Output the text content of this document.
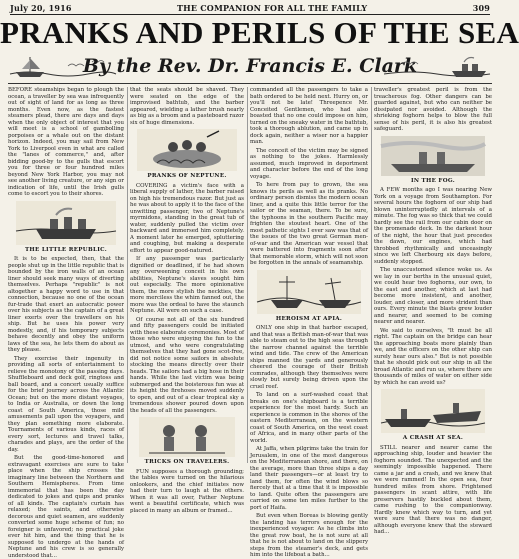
July 20, 1916	THE COMPANION FOR ALL THE FAMILY	309
PRANKS AND PERILS OF THE SEA
By the Rev. Dr. Francis E. Clark

BEFORE steamships began to plough the ocean, a traveller by sea was infrequently out of sight of land for as long as three months. Even now, as the fastest steamers plead, there are days and days when the only object of interest that you will meet is a school of gambolling porpoises or a whale out on the distant horizon. Indeed, you may sail from New York to Liverpool even in what are called the "lanes of commerce," and, after bidding good-by to the gulls that escort you for three or four hundred miles beyond New York Harbor, you may not see another living creature, or any sign or indication of life, until the Irish gulls come to escort you to their shores.

THE LITTLE REPUBLIC.

It is to be expected, then, that the people shut up in the little republic that is bounded by the iron walls of an ocean liner should seek many ways of diverting themselves. Perhaps "republic" is not altogether a happy word to use in that connection, because no one of the ocean fur-trade that exert an autocratic power over his subjects as the captain of a great liner exerts over the travellers on his ship. But he uses his power very modestly, and, if his temporary subjects behave decently and obey the uniform laws of the sea, he lets them do about as they please.

They exercise their ingenuity in providing all sorts of entertainment to relieve the monotony of the passing days. Shuffleboard and deck golf, ringtoss and ball board, and a concert usually suffice for the brief journey across the Atlantic Ocean; but on the more distant voyages, to India or Australia, or down the long coast of South America, those mild amusements pall upon the voyagers, and they plan something more elaborate. Tournaments of various kinds, races of every sort, lectures and travel talks, charades and plays, are the order of the day.

But the good-time-honored and extravagant exercises are sure to take place when the ship crosses the imaginary line between the Northern and Southern Hemispheres. From time immemorial that has been the day dedicated to jokes and quips and pranks of all kinds. The captain's curtain has relaxed; the saints, and otherwise decorous and quiet seamen, are suddenly converted some huge scheme of fun; no foreigner is unfavored; no practical joke ever hit him, and the thing that he is supposed to undergo at the hands of Neptune and his crew is so generally understood that...

that the seats should be shaved. They were seated on the edge of the improvised bathtub, and the barber appeared, wielding a lather brush nearly as big as a broom and a pasteboard razor six of huge dimensions.

PRANKS OF NEPTUNE.

COVERING a victim's face with a liberal supply of lather, the barber raised on high his tremendous razor. But just as he was about to apply it to the face of the unwitting passenger, two of Neptune's myrmidons, standing in the great tub of water, suddenly pulled the victim over backward and immersed him completely. A moment later he emerged, spluttering and coughing, but making a desperate effort to appear good-natured.

If any passenger was particularly dignified or deadlined, if he had shown any overweening conceit in his own abilities, Neptune's slaves sought him out especially. The more opinionative them, the more stylish the neckties, the more merciless the whim fanned out, the more was the ordeal to have the staunch Neptune. All were on such a case.

Of course not all of the six hundred and fifty passengers could be initiated with these elaborate ceremonies. Most of those who were enjoying the fun to the utmost, and who were congratulating themselves that they had gone scot-free, did not notice some sailors in absolute stocking the means directly over their heads. The sailors had a big hose in their hands. While the last victim was being submerged and the boisterous fun was at its height the firehoses moved suddenly to open, and out of a clear tropical sky a tremendous shower poured down upon the heads of all the passengers.

TRICKS ON TRAVELERS.

FUN supposes a thorough grounding; the tables were turned on the hilarious onlookers, and the chief initiates now had their turn to laugh at the others. When it was all over, Father Neptune went a beautiful certificate, which was placed in many an album or framed...

commanded all the passengers to take a bath ordered to be held next. Hurry on, or you'll not be late! Threepence Mr. Conceited Gentlemen, who had also boasted that no one could impose on him, turned on the sneaky water in the bathtub, took a thorough ablution, and came up in dock again, neither a wiser nor a happier man.

The conceit of the victim may be signed as nothing to the jokes. Harmlessly assumed, much improved in deportment and character before the end of the long voyage.

To here from pay to grown, the sea knows its perils as well as its pranks. No ordinary person dismiss the modern ocean liner, and a quite this little terror for the sailor or the seaman, there. To be sure, the typhoons in the southern Pacific may frighten the stoutest heart. One of the most pathetic sights I ever saw was that of the issues of the two great German men-of-war and the American war vessel that were battered into fragments soon after that memorable storm, which will not soon be forgotten in the annals of seamanship.

HEROISM AT APIA.

ONLY one ship in that harbor escaped, and that was a British man-of-war that was able to steam out to the high seas through the narrow channel against the terrible wind and tide. The crew of the American ships manned the yards and generously cheered the courage of their British comrades, although they themselves were slowly but surely being driven upon the cruel reef.

To land on a surf-washed coast that breaks on one's shipboard is a terrible experience for the most hardy. Such an experience is common in the shores of the eastern Mediterranean, on the western coast of South America, on the west coast of Africa, and in many other parts of the world.

At Jaffa, when pilgrims take the train for Jerusalem, in one of the most dangerous on the Mediterranean shore, and there, on the average, more than three ships a day land their passengers—or at least try to land them, for often the wind blows so fiercely that at a time that it is impossible to land. Quite often the passengers are carried on some ten miles further to the port of Haifa.

But even when Boreas is blowing gently the landing has terrors enough for the inexperienced voyager. As he climbs into the great row boat, he is not sure at all that he is not about to land on the slippery steps from the steamer's deck, and gets him into the lifeboat a bath...

traveller's greatest peril is from the treacherous fog. Other dangers can be guarded against, but who can neither be dissipated nor avoided. Although the shrieking foghorn helps to blow the full sense of his peril, it is also his greatest safeguard.

IN THE FOG.

A FEW months ago I was nearing New York on a voyage from Southampton. For several hours the foghorn of our ship had blown uninterruptedly at intervals of a minute. The fog was so thick that we could hardly see the rail from our cabin door on the promenade deck. In the darkest hour of the night, the hour that just precedes the dawn, our engines, which had throbbed rhythmically and unceasingly since we left Cherbourg six days before, suddenly stopped.

The unaccustomed silence woke us. As we lay in our berths in the unusual quiet, we could hear two foghorns, our own, to the east and another, which at last had become more insistent, and another, louder, and closer, and more strident than ours. Every minute the blasts grew louder and nearer, and seemed to be coming nearer and nearer.

We said to ourselves, "It must be all right. The captain on the bridge can hear the approaching boats more plainly than we, and the officers on the other ship can surely hear ours also." But is not possible that he should pick out our ship in all the broad Atlantic and run us, where there are thousands of miles of water on either side by which he can avoid us?

A CRASH AT SEA.

STILL nearer and nearer came the approaching ship, louder and heavier the foghorn sounded. The unexpected and the seemingly impossible happened. There came a jar and a crash, and we knew that we were rammed! In the open sea, four hundred miles from shore. Frightened passengers in scant attire, with life preservers hastily buckled about them, came rushing to the companionway. Hardly knew which way to turn, and yet were sure that there was no danger, although everyone knew that the steward had...
